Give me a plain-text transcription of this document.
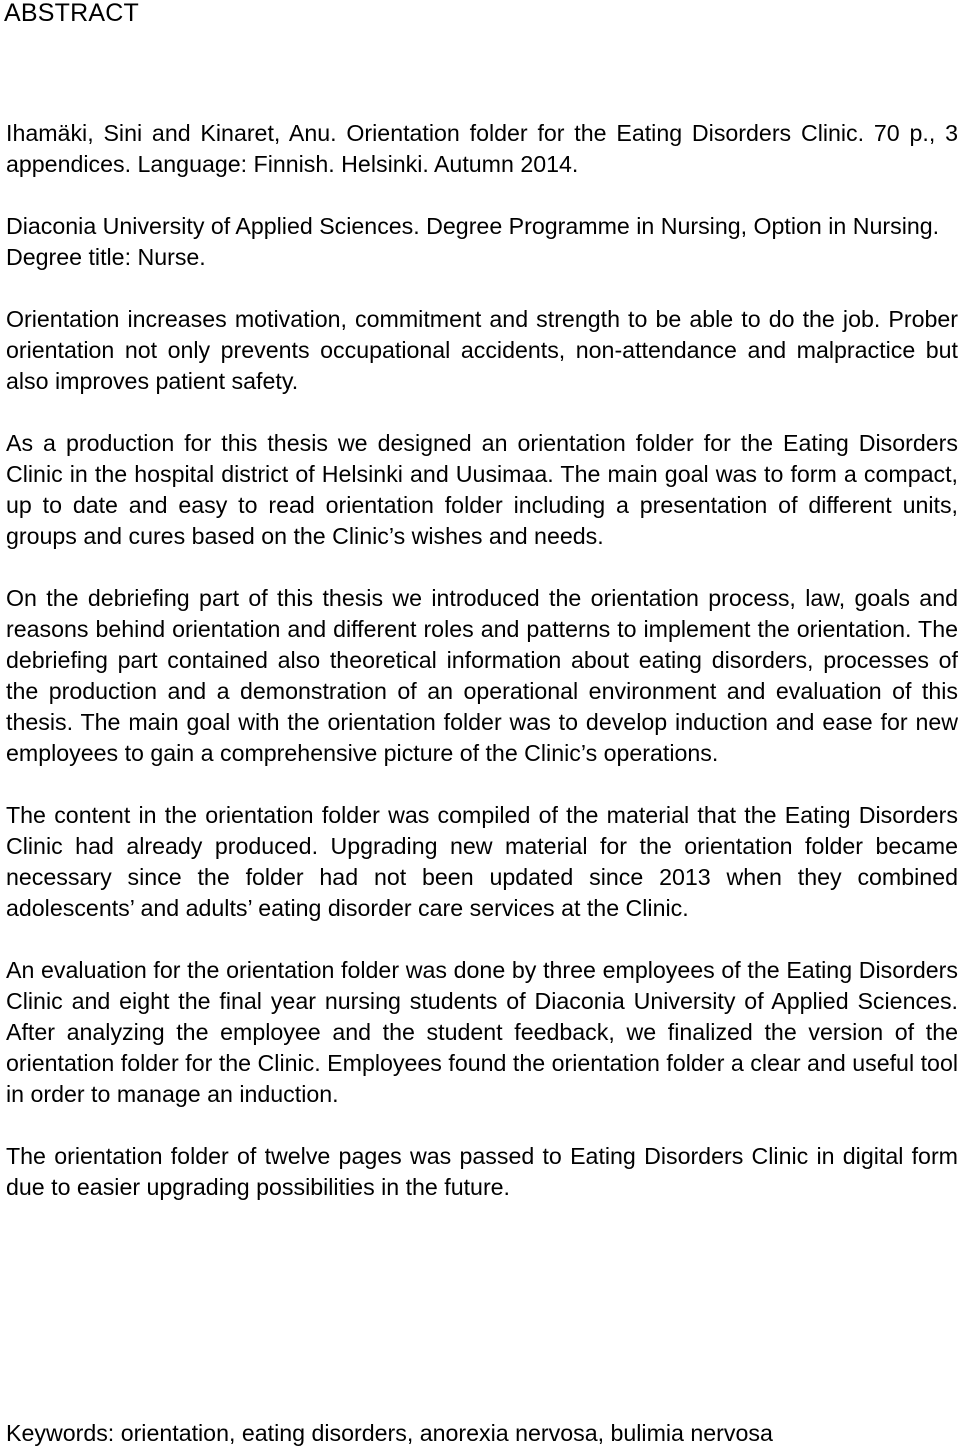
ABSTRACT

Ihamäki, Sini and Kinaret, Anu. Orientation folder for the Eating Disorders Clinic. 70 p., 3 appendices. Language: Finnish. Helsinki. Autumn 2014.

Diaconia University of Applied Sciences. Degree Programme in Nursing, Option in Nursing. Degree title: Nurse.

Orientation increases motivation, commitment and strength to be able to do the job. Prober orientation not only prevents occupational accidents, non-attendance and malpractice but also improves patient safety.

As a production for this thesis we designed an orientation folder for the Eating Disorders Clinic in the hospital district of Helsinki and Uusimaa. The main goal was to form a compact, up to date and easy to read orientation folder including a presentation of different units, groups and cures based on the Clinic’s wishes and needs.

On the debriefing part of this thesis we introduced the orientation process, law, goals and reasons behind orientation and different roles and patterns to implement the orientation. The debriefing part contained also theoretical information about eating disorders, processes of the production and a demonstration of an operational environment and evaluation of this thesis. The main goal with the orientation folder was to develop induction and ease for new employees to gain a comprehensive picture of the Clinic’s operations.

The content in the orientation folder was compiled of the material that the Eating Disorders Clinic had already produced. Upgrading new material for the orientation folder became necessary since the folder had not been updated since 2013 when they combined adolescents’ and adults’ eating disorder care services at the Clinic.

An evaluation for the orientation folder was done by three employees of the Eating Disorders Clinic and eight the final year nursing students of Diaconia University of Applied Sciences. After analyzing the employee and the student feedback, we finalized the version of the orientation folder for the Clinic. Employees found the orientation folder a clear and useful tool in order to manage an induction.

The orientation folder of twelve pages was passed to Eating Disorders Clinic in digital form due to easier upgrading possibilities in the future.

Keywords: orientation, eating disorders, anorexia nervosa, bulimia nervosa
